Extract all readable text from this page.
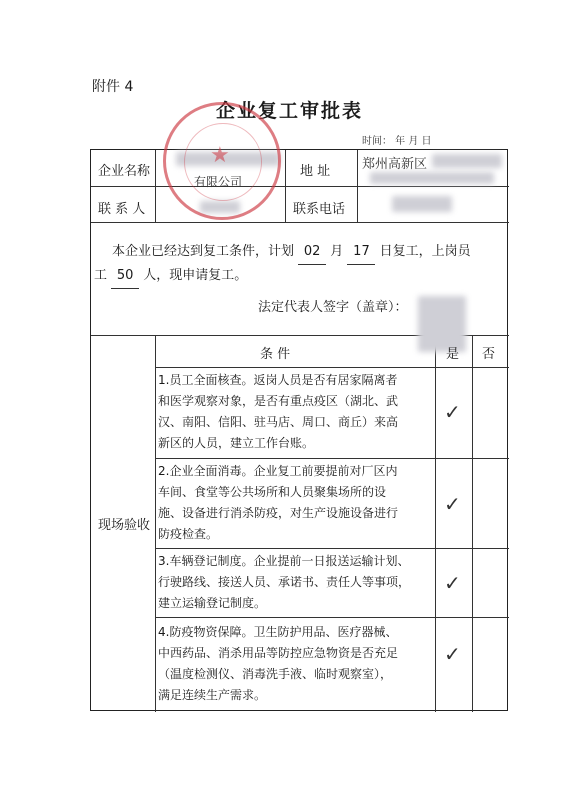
附件 4
企业复工审批表
时间： 年 月 日
企业名称
有限公司
地 址 郑州高新区
联 系 人	联系电话
本企业已经达到复工条件，计划 02 月 17 日复工，上岗员
工 50 人，现申请复工。
法定代表人签字（盖章）：
现场验收
条 件	是 否
1.员工全面核查。返岗人员是否有居家隔离者
和医学观察对象，是否有重点疫区（湖北、武
汉、南阳、信阳、驻马店、周口、商丘）来高
新区的人员，建立工作台账。
✓
2.企业全面消毒。企业复工前要提前对厂区内
车间、食堂等公共场所和人员聚集场所的设
施、设备进行消杀防疫，对生产设施设备进行
防疫检查。
✓
3.车辆登记制度。企业提前一日报送运输计划、
行驶路线、接送人员、承诺书、责任人等事项，
建立运输登记制度。
✓
4.防疫物资保障。卫生防护用品、医疗器械、
中西药品、消杀用品等防控应急物资是否充足
（温度检测仪、消毒洗手液、临时观察室），
满足连续生产需求。
✓
★
